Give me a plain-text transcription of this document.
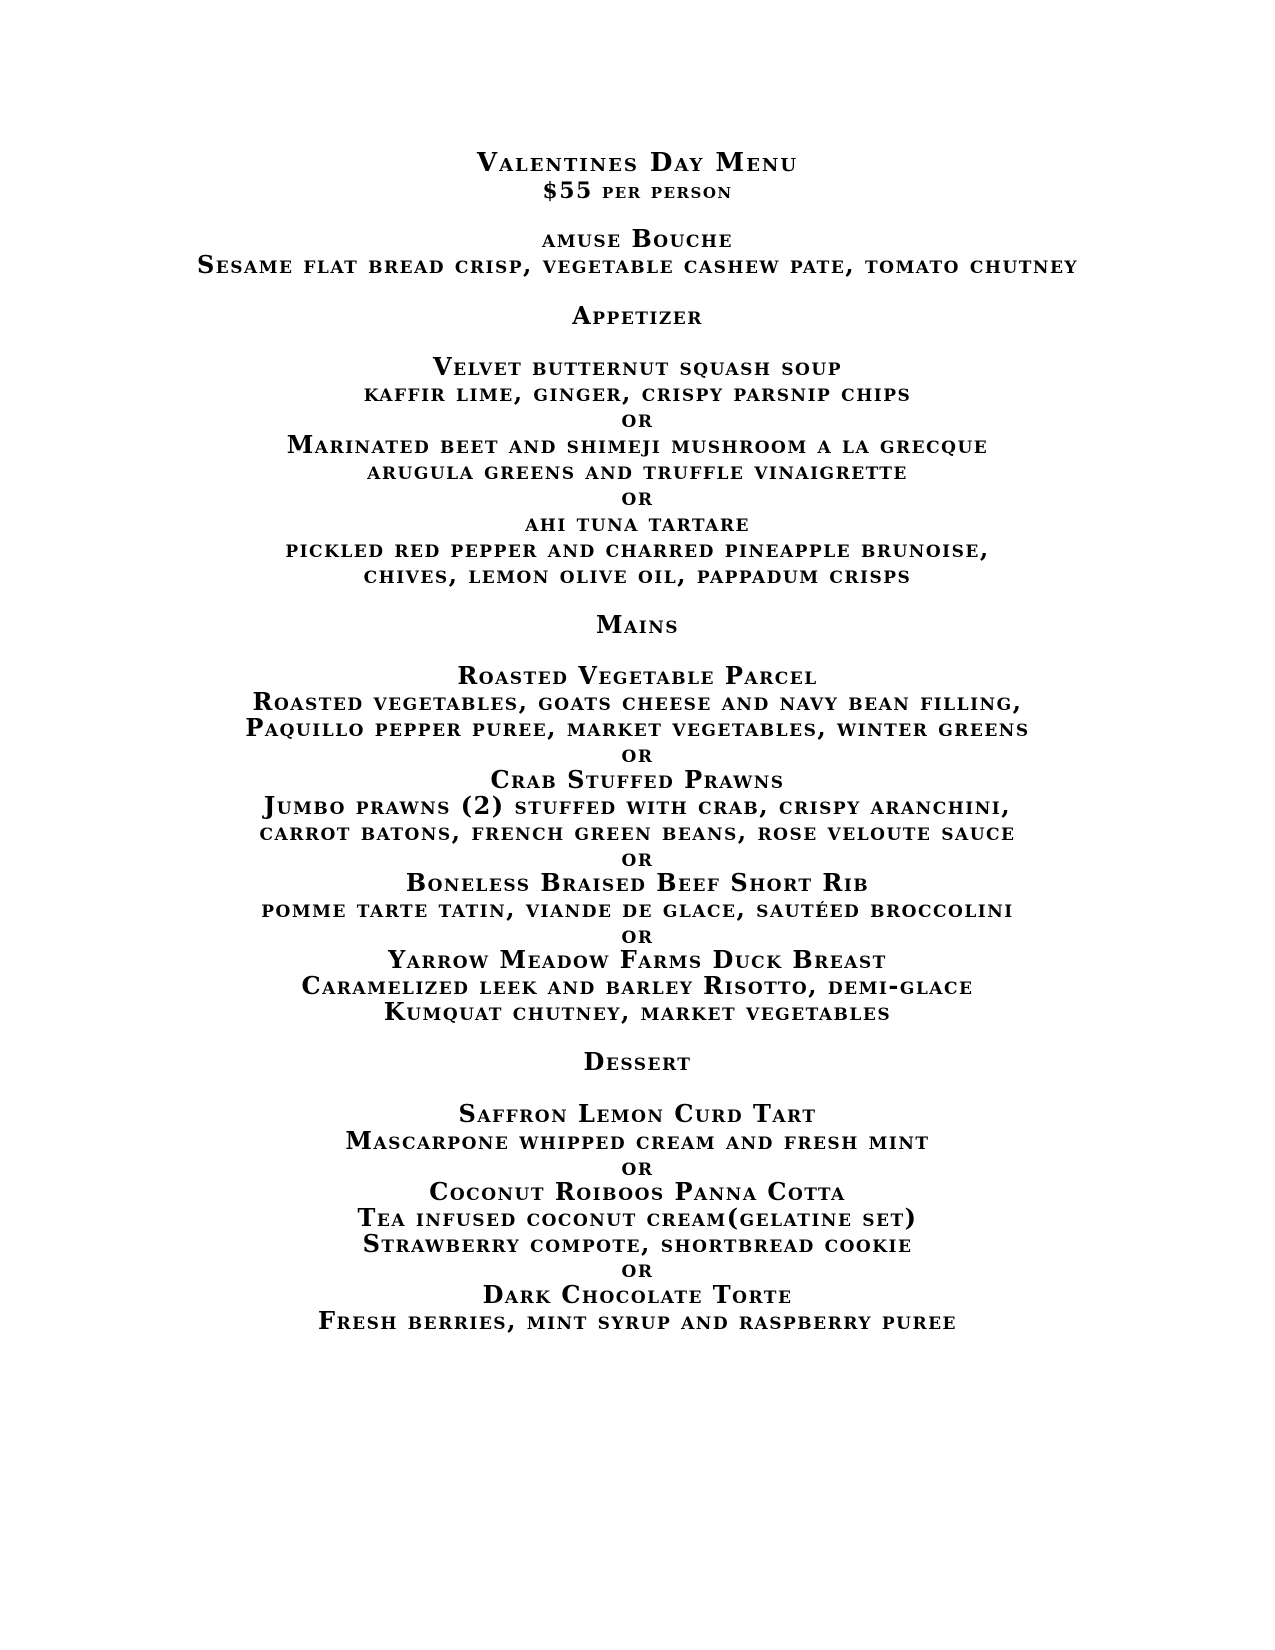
Valentines Day Menu
$55 per person
amuse Bouche
Sesame flat bread crisp, vegetable cashew pate, tomato chutney
Appetizer
Velvet butternut squash soup
kaffir lime, ginger, crispy parsnip chips
or
Marinated beet and shimeji mushroom a la grecque
arugula greens and truffle vinaigrette
or
ahi tuna tartare
pickled red pepper and charred pineapple brunoise,
chives, lemon olive oil, pappadum crisps
Mains
Roasted Vegetable Parcel
Roasted vegetables, goats cheese and navy bean filling,
Paquillo pepper puree, market vegetables, winter greens
or
Crab Stuffed Prawns
Jumbo prawns (2) stuffed with crab, crispy aranchini,
carrot batons, french green beans, rose veloute sauce
or
Boneless Braised Beef Short Rib
pomme tarte tatin, viande de glace, sautéed broccolini
or
Yarrow Meadow Farms Duck Breast
Caramelized leek and barley Risotto, demi-glace
Kumquat chutney, market vegetables
Dessert
Saffron Lemon Curd Tart
Mascarpone whipped cream and fresh mint
or
Coconut Roiboos Panna Cotta
Tea infused coconut cream(gelatine set)
Strawberry compote, shortbread cookie
or
Dark Chocolate Torte
Fresh berries, mint syrup and raspberry puree
